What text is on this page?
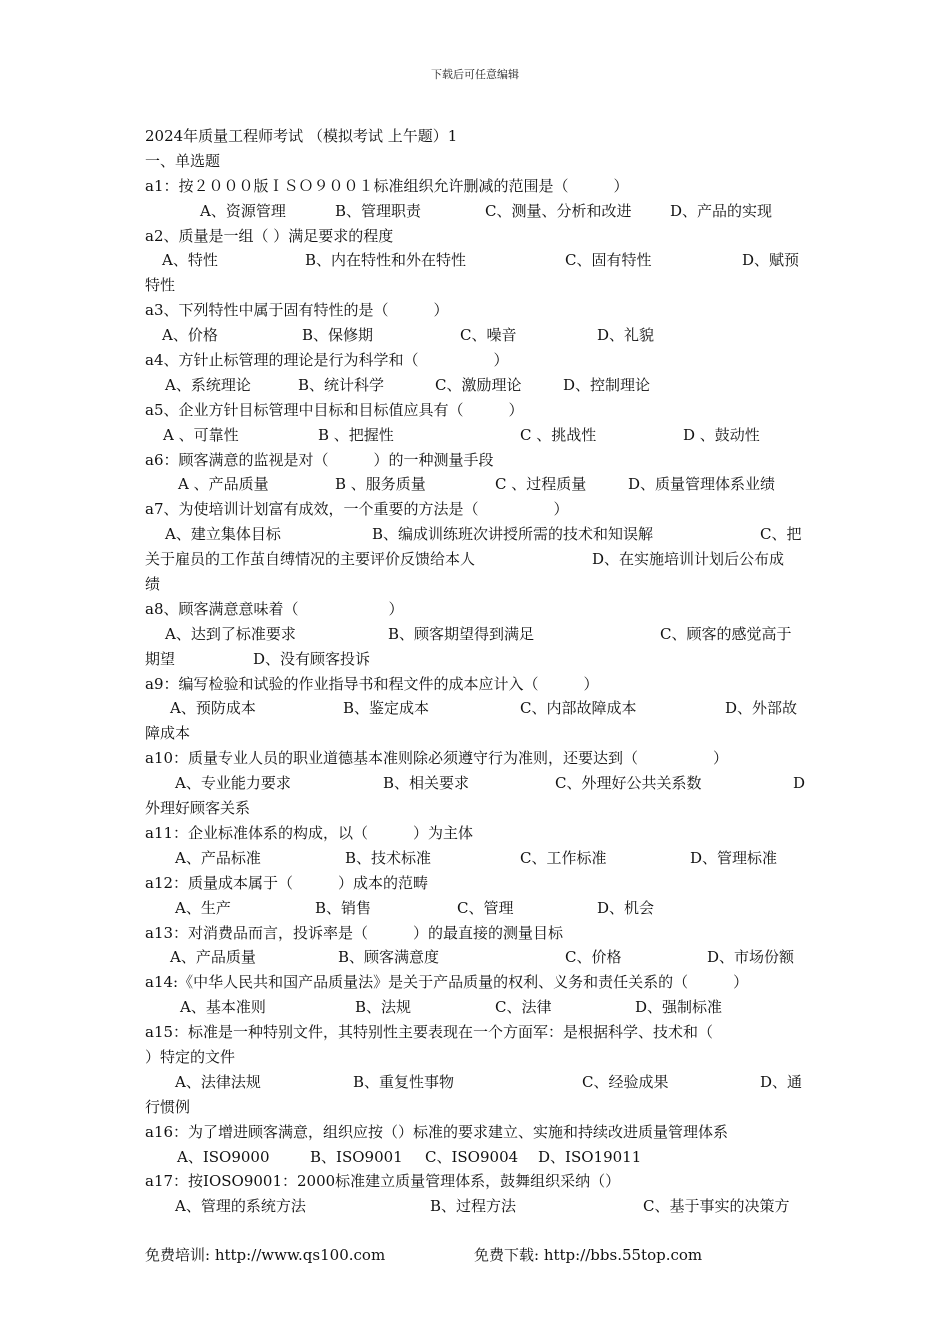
下载后可任意编辑
2024年质量工程师考试 （模拟考试 上午题）1
一、单选题
a1：按２０００版ＩＳＯ９００１标准组织允许删减的范围是（　　　）
A、资源管理	B、管理职责	C、测量、分析和改进	D、产品的实现
a2、质量是一组（ ）满足要求的程度
A、特性	B、内在特性和外在特性	C、固有特性	D、赋预
特性
a3、下列特性中属于固有特性的是（　　　）
A、价格	B、保修期	C、噪音	D、礼貌
a4、方针止标管理的理论是行为科学和（　　　　　）
A、系统理论	B、统计科学	C、激励理论	D、控制理论
a5、企业方针目标管理中目标和目标值应具有（　　　）
A 、可靠性	B 、把握性	C 、挑战性	D 、鼓动性
a6：顾客满意的监视是对（　　　）的一种测量手段
A 、产品质量	B 、服务质量	C 、过程质量	D、质量管理体系业绩
a7、为使培训计划富有成效，一个重要的方法是（　　　　　）
A、建立集体目标	B、编成训练班次讲授所需的技术和知误解	C、把
关于雇员的工作茧自缚情况的主要评价反馈给本人	D、在实施培训计划后公布成
绩
a8、顾客满意意味着（　　　　　　）
A、达到了标准要求	B、顾客期望得到满足	C、顾客的感觉高于
期望	D、没有顾客投诉
a9：编写检验和试验的作业指导书和程文件的成本应计入（　　　）
A、预防成本	B、鉴定成本	C、内部故障成本	D、外部故
障成本
a10：质量专业人员的职业道德基本准则除必须遵守行为准则，还要达到（　　　　　）
A、专业能力要求	B、相关要求	C、外理好公共关系数	D
外理好顾客关系
a11：企业标准体系的构成，以（　　　）为主体
A、产品标准	B、技术标准	C、工作标准	D、管理标准
a12：质量成本属于（　　　）成本的范畴
A、生产	B、销售	C、管理	D、机会
a13：对消费品而言，投诉率是（　　　）的最直接的测量目标
A、产品质量	B、顾客满意度	C、价格	D、市场份额
a14:《中华人民共和国产品质量法》是关于产品质量的权利、义务和责任关系的（　　　）
A、基本准则	B、法规	C、法律	D、强制标准
a15：标准是一种特别文件，其特别性主要表现在一个方面军：是根据科学、技术和（
）特定的文件
A、法律法规	B、重复性事物	C、经验成果	D、通
行惯例
a16：为了增进顾客满意，组织应按（）标准的要求建立、实施和持续改进质量管理体系
A、ISO9000	B、ISO9001 C、ISO9004 D、ISO19011
a17：按IOSO9001：2000标准建立质量管理体系，鼓舞组织采纳（）
A、管理的系统方法	B、过程方法	C、基于事实的决策方
免费培训: http://www.qs100.com	免费下载: http://bbs.55top.com
